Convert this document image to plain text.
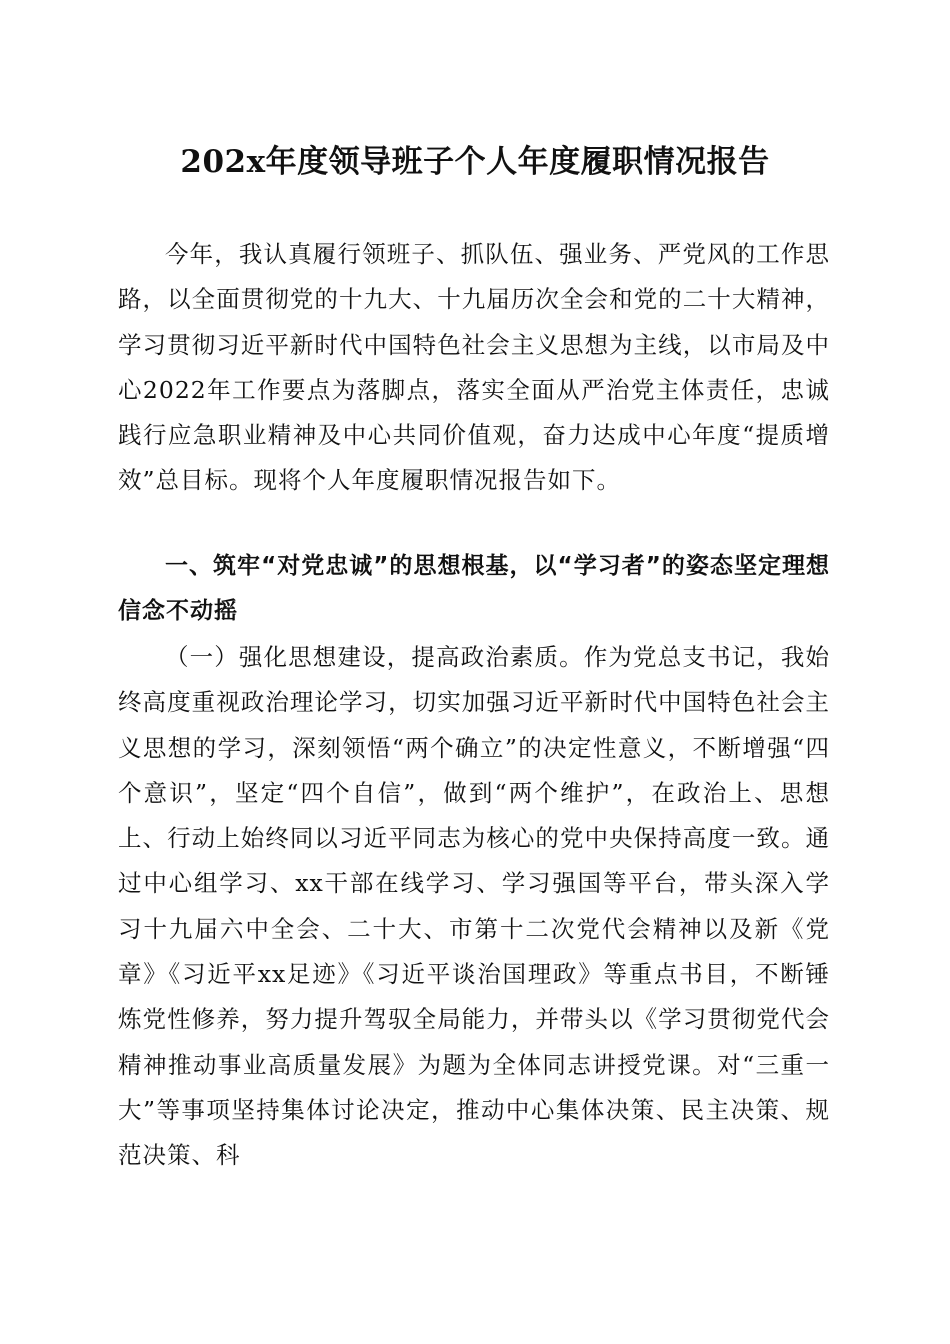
202x年度领导班子个人年度履职情况报告

今年，我认真履行领班子、抓队伍、强业务、严党风的工作思路，以全面贯彻党的十九大、十九届历次全会和党的二十大精神，学习贯彻习近平新时代中国特色社会主义思想为主线，以市局及中心2022年工作要点为落脚点，落实全面从严治党主体责任，忠诚践行应急职业精神及中心共同价值观，奋力达成中心年度“提质增效”总目标。现将个人年度履职情况报告如下。

一、筑牢“对党忠诚”的思想根基，以“学习者”的姿态坚定理想信念不动摇

（一）强化思想建设，提高政治素质。作为党总支书记，我始终高度重视政治理论学习，切实加强习近平新时代中国特色社会主义思想的学习，深刻领悟“两个确立”的决定性意义，不断增强“四个意识”，坚定“四个自信”，做到“两个维护”，在政治上、思想上、行动上始终同以习近平同志为核心的党中央保持高度一致。通过中心组学习、xx干部在线学习、学习强国等平台，带头深入学习十九届六中全会、二十大、市第十二次党代会精神以及新《党章》《习近平xx足迹》《习近平谈治国理政》等重点书目，不断锤炼党性修养，努力提升驾驭全局能力，并带头以《学习贯彻党代会精神推动事业高质量发展》为题为全体同志讲授党课。对“三重一大”等事项坚持集体讨论决定，推动中心集体决策、民主决策、规范决策、科
